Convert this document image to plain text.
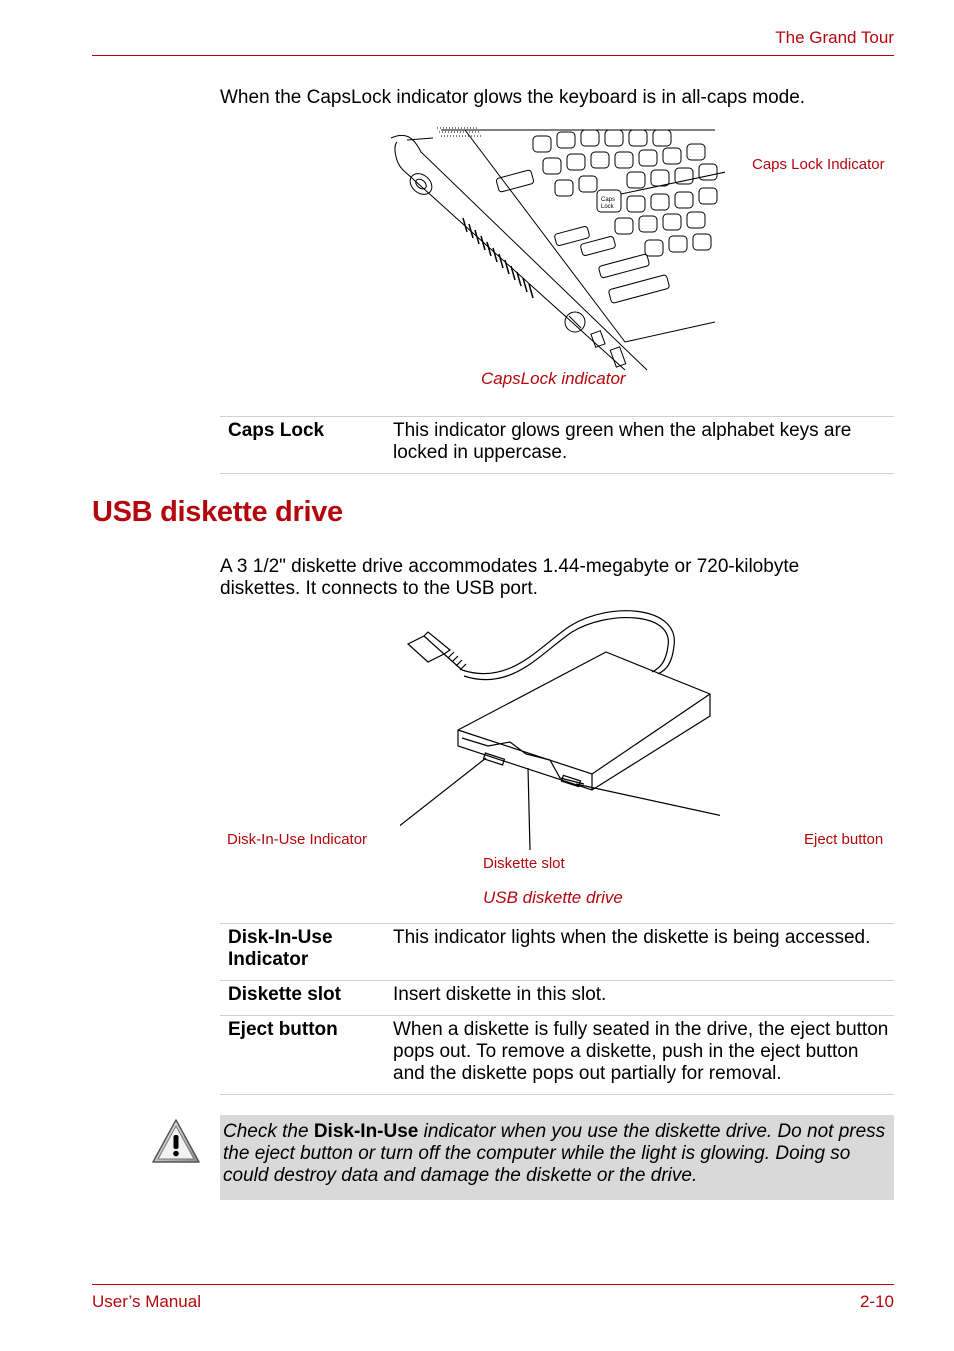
The Grand Tour
When the CapsLock indicator glows the keyboard is in all-caps mode.
Caps
Lock
Caps Lock Indicator
CapsLock indicator
Caps Lock	This indicator glows green when the alphabet keys are locked in uppercase.
USB diskette drive
A 3 1/2" diskette drive accommodates 1.44-megabyte or 720-kilobyte diskettes. It connects to the USB port.
Disk-In-Use Indicator
Diskette slot
Eject button
USB diskette drive
Disk-In-Use Indicator	This indicator lights when the diskette is being accessed.
Diskette slot	Insert diskette in this slot.
Eject button	When a diskette is fully seated in the drive, the eject button pops out. To remove a diskette, push in the eject button and the diskette pops out partially for removal.
Check the Disk-In-Use indicator when you use the diskette drive. Do not press the eject button or turn off the computer while the light is glowing. Doing so could destroy data and damage the diskette or the drive.
User’s Manual	2-10
